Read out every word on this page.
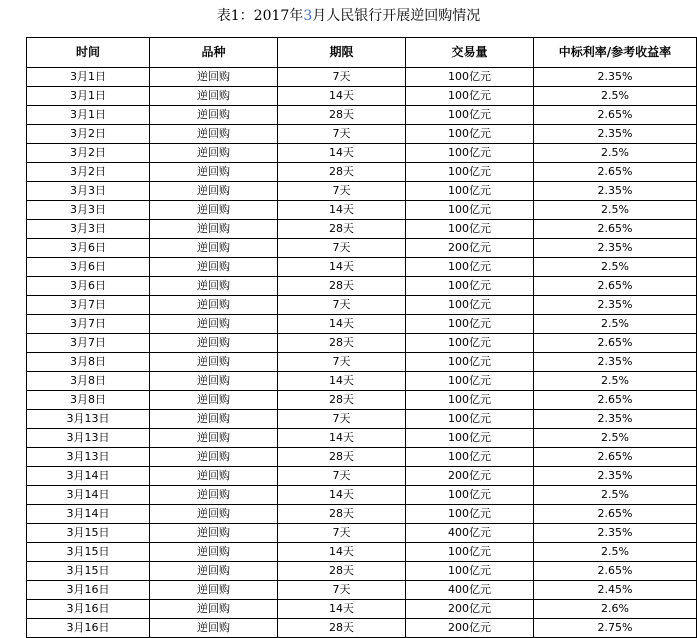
表1：2017年3月人民银行开展逆回购情况
时间	品种	期限	交易量	中标利率/参考收益率
3月1日	逆回购	7天	100亿元	2.35%
3月1日	逆回购	14天	100亿元	2.5%
3月1日	逆回购	28天	100亿元	2.65%
3月2日	逆回购	7天	100亿元	2.35%
3月2日	逆回购	14天	100亿元	2.5%
3月2日	逆回购	28天	100亿元	2.65%
3月3日	逆回购	7天	100亿元	2.35%
3月3日	逆回购	14天	100亿元	2.5%
3月3日	逆回购	28天	100亿元	2.65%
3月6日	逆回购	7天	200亿元	2.35%
3月6日	逆回购	14天	100亿元	2.5%
3月6日	逆回购	28天	100亿元	2.65%
3月7日	逆回购	7天	100亿元	2.35%
3月7日	逆回购	14天	100亿元	2.5%
3月7日	逆回购	28天	100亿元	2.65%
3月8日	逆回购	7天	100亿元	2.35%
3月8日	逆回购	14天	100亿元	2.5%
3月8日	逆回购	28天	100亿元	2.65%
3月13日	逆回购	7天	100亿元	2.35%
3月13日	逆回购	14天	100亿元	2.5%
3月13日	逆回购	28天	100亿元	2.65%
3月14日	逆回购	7天	200亿元	2.35%
3月14日	逆回购	14天	100亿元	2.5%
3月14日	逆回购	28天	100亿元	2.65%
3月15日	逆回购	7天	400亿元	2.35%
3月15日	逆回购	14天	100亿元	2.5%
3月15日	逆回购	28天	100亿元	2.65%
3月16日	逆回购	7天	400亿元	2.45%
3月16日	逆回购	14天	200亿元	2.6%
3月16日	逆回购	28天	200亿元	2.75%
